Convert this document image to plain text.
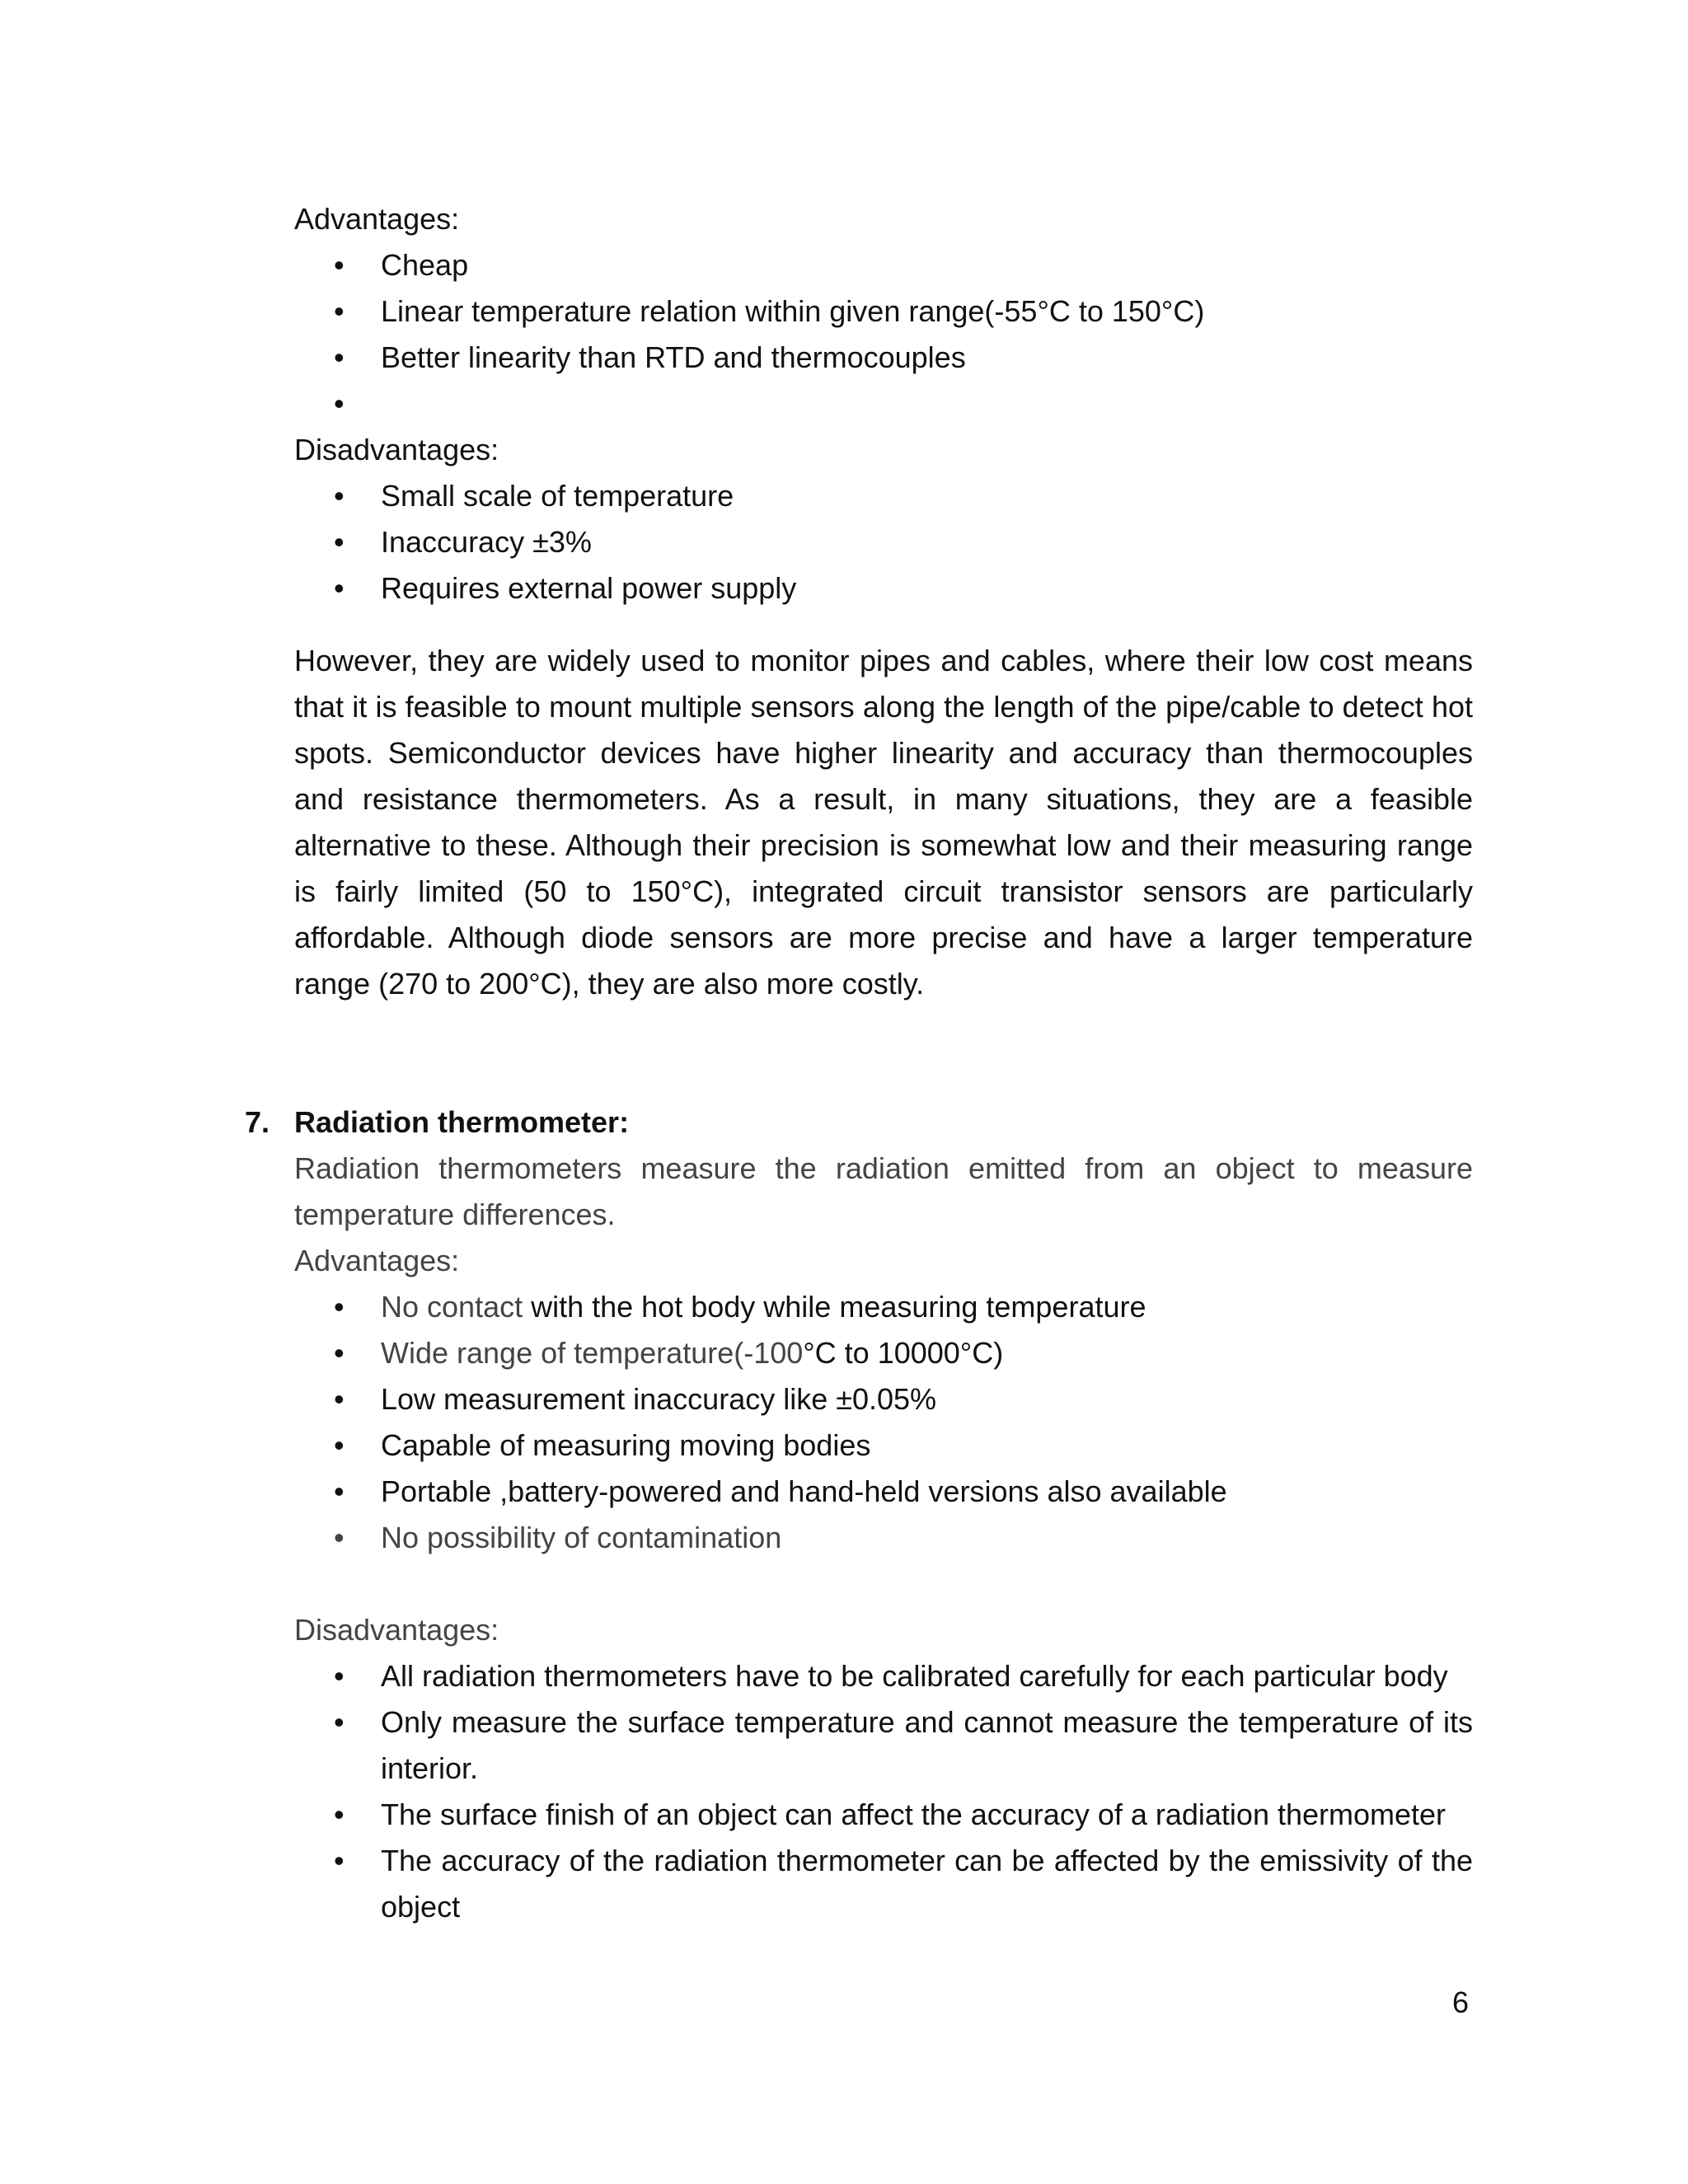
Advantages:
• Cheap
• Linear temperature relation within given range(-55°C to 150°C)
• Better linearity than RTD and thermocouples
•
Disadvantages:
• Small scale of temperature
• Inaccuracy ±3%
• Requires external power supply

However, they are widely used to monitor pipes and cables, where their low cost means that it is feasible to mount multiple sensors along the length of the pipe/cable to detect hot spots. Semiconductor devices have higher linearity and accuracy than thermocouples and resistance thermometers. As a result, in many situations, they are a feasible alternative to these. Although their precision is somewhat low and their measuring range is fairly limited (50 to 150°C), integrated circuit transistor sensors are particularly affordable. Although diode sensors are more precise and have a larger temperature range (270 to 200°C), they are also more costly.

7. Radiation thermometer:

Radiation thermometers measure the radiation emitted from an object to measure temperature differences.

Advantages:
• No contact with the hot body while measuring temperature
• Wide range of temperature(-100°C to 10000°C)
• Low measurement inaccuracy like ±0.05%
• Capable of measuring moving bodies
• Portable ,battery-powered and hand-held versions also available
• No possibility of contamination
Disadvantages:
• All radiation thermometers have to be calibrated carefully for each particular body
• Only measure the surface temperature and cannot measure the temperature of its interior.
• The surface finish of an object can affect the accuracy of a radiation thermometer
• The accuracy of the radiation thermometer can be affected by the emissivity of the object
6
